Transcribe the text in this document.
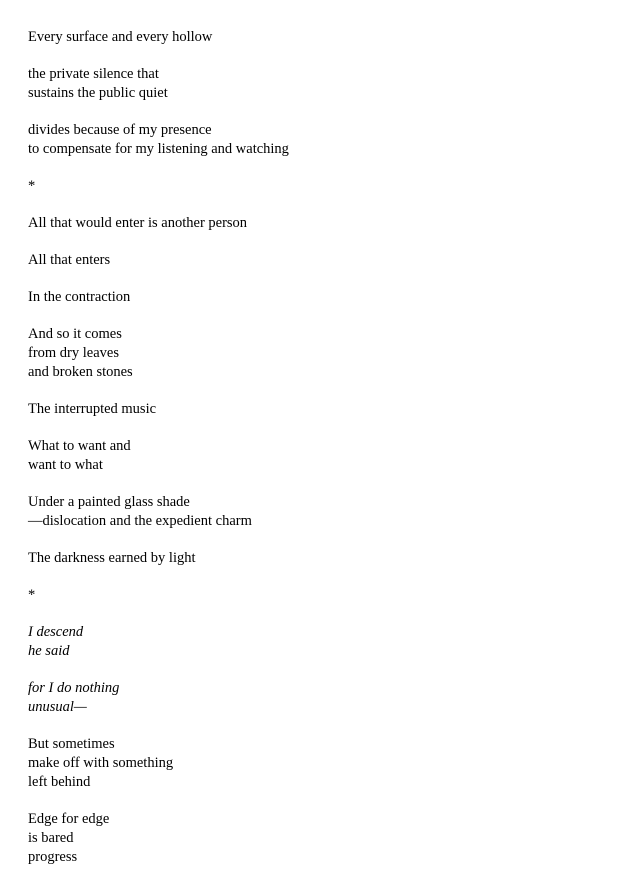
Every surface and every hollow
the private silence that
sustains the public quiet
divides because of my presence
to compensate for my listening and watching
*
All that would enter is another person
All that enters
In the contraction
And so it comes
from dry leaves
and broken stones
The interrupted music
What to want and
want to what
Under a painted glass shade
—dislocation and the expedient charm
The darkness earned by light
*
I descend
he said
for I do nothing
unusual—
But sometimes
make off with something
left behind
Edge for edge
is bared
progress
